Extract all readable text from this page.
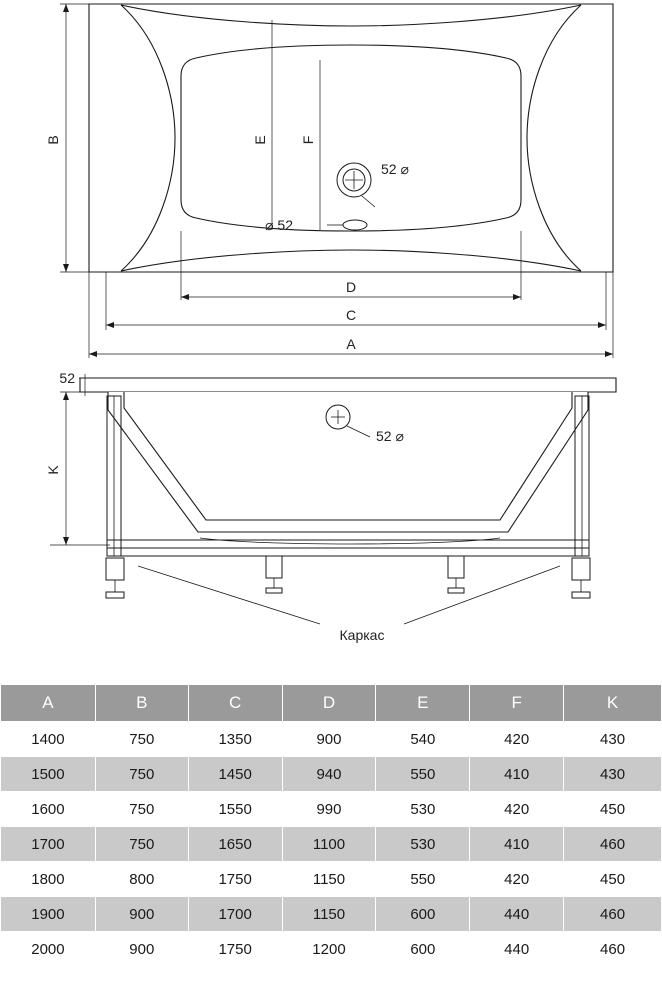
52 ⌀
⌀ 52
E F
B
D
C
A
52
52 ⌀
K
Каркас
A	B	C	D	E	F	K
1400	750	1350	900	540	420	430
1500	750	1450	940	550	410	430
1600	750	1550	990	530	420	450
1700	750	1650	1100	530	410	460
1800	800	1750	1150	550	420	450
1900	900	1700	1150	600	440	460
2000	900	1750	1200	600	440	460
